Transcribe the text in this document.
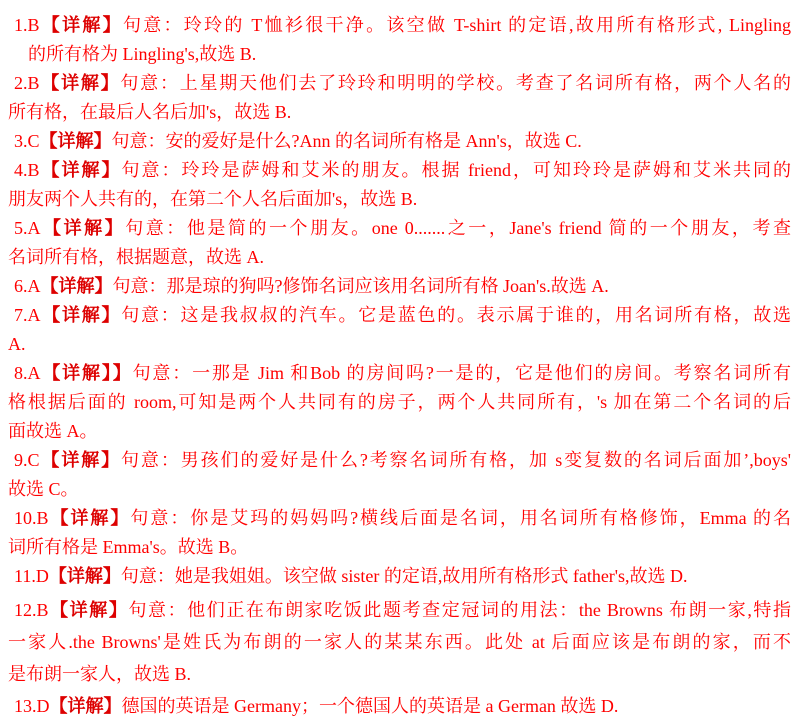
1.B【详解】句意：玲玲的 T恤衫很干净。该空做 T-shirt 的定语,故用所有格形式, Lingling
的所有格为 Lingling's,故选 B.
2.B【详解】句意：上星期天他们去了玲玲和明明的学校。考查了名词所有格，两个人名的
所有格，在最后人名后加's，故选 B.
3.C【详解】句意：安的爱好是什么?Ann 的名词所有格是 Ann's，故选 C.
4.B【详解】句意：玲玲是萨姆和艾米的朋友。根据 friend，可知玲玲是萨姆和艾米共同的
朋友两个人共有的，在第二个人名后面加's，故选 B.
5.A【详解】句意：他是简的一个朋友。one 0.......之一，Jane's friend 简的一个朋友，考查
名词所有格，根据题意，故选 A.
6.A【详解】句意：那是琼的狗吗?修饰名词应该用名词所有格 Joan's.故选 A.
7.A【详解】句意：这是我叔叔的汽车。它是蓝色的。表示属于谁的，用名词所有格，故选
A.
8.A【详解】】句意：一那是 Jim 和Bob 的房间吗?一是的，它是他们的房间。考察名词所有
格根据后面的 room,可知是两个人共同有的房子，两个人共同所有，'s 加在第二个名词的后
面故选 A。
9.C【详解】句意：男孩们的爱好是什么?考察名词所有格，加 s变复数的名词后面加’,boys'
故选 C。
10.B【详解】句意：你是艾玛的妈妈吗?横线后面是名词，用名词所有格修饰，Emma 的名
词所有格是 Emma's。故选 B。
11.D【详解】句意：她是我姐姐。该空做 sister 的定语,故用所有格形式 father's,故选 D.
12.B【详解】句意：他们正在布朗家吃饭此题考查定冠词的用法：the Browns 布朗一家,特指
一家人.the Browns'是姓氏为布朗的一家人的某某东西。此处 at 后面应该是布朗的家，而不
是布朗一家人，故选 B.
13.D【详解】德国的英语是 Germany；一个德国人的英语是 a German 故选 D.
